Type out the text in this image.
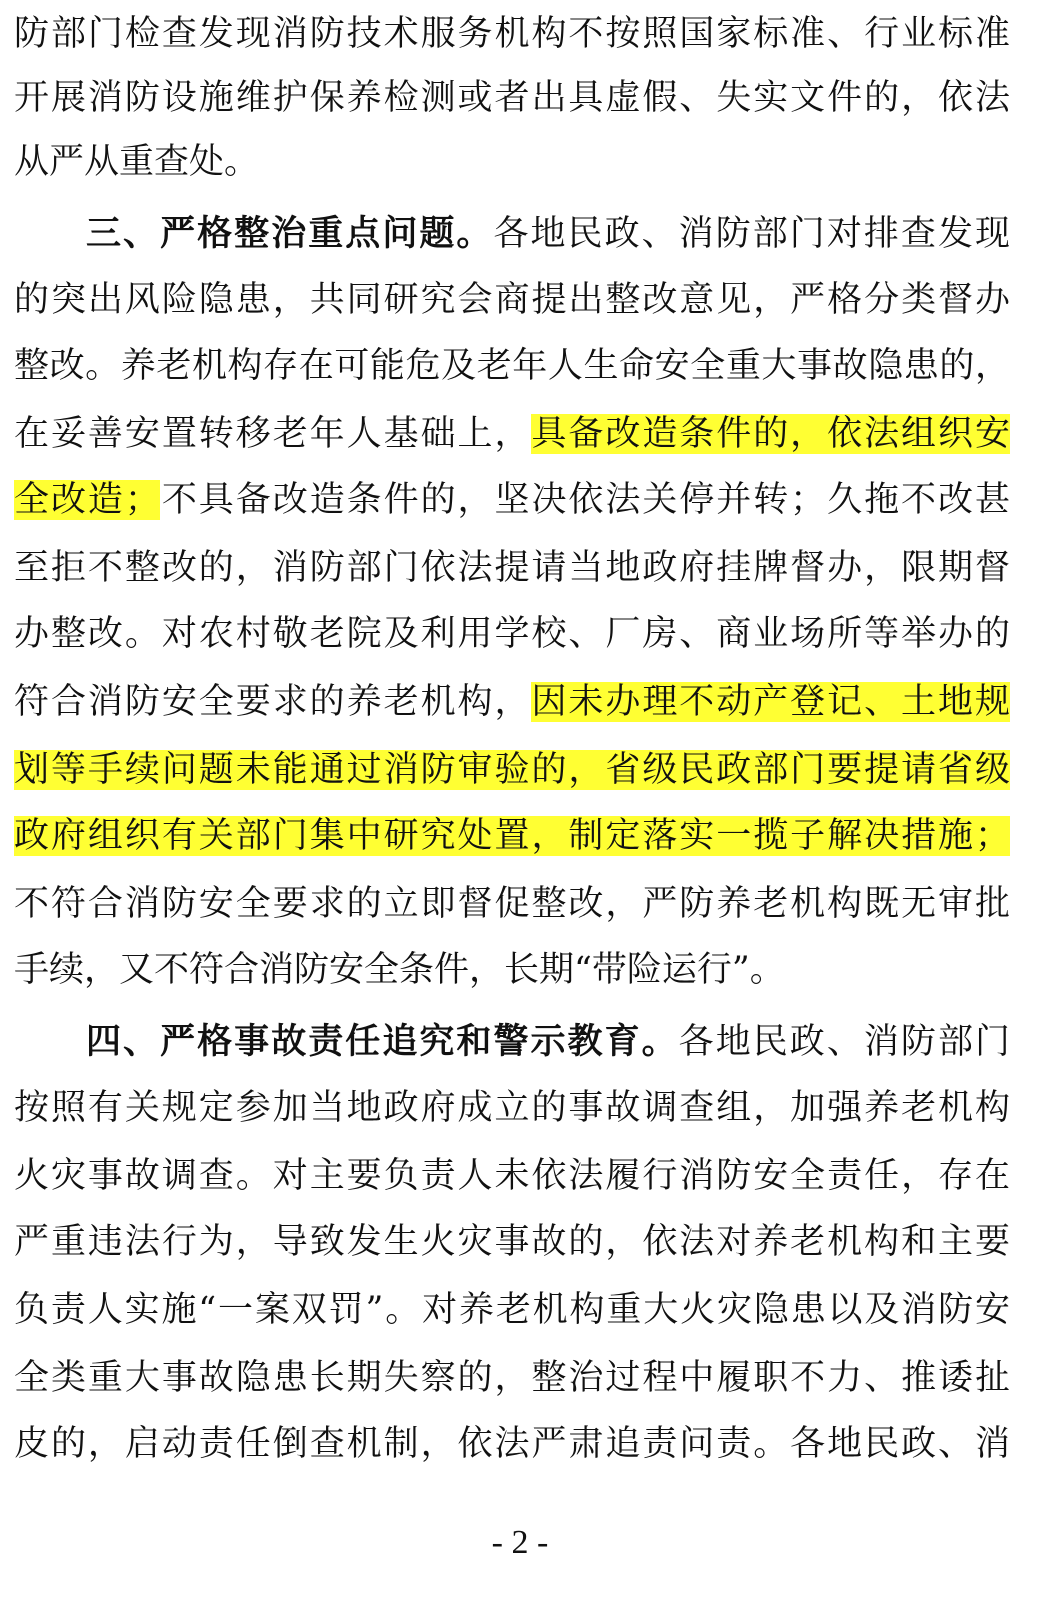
防部门检查发现消防技术服务机构不按照国家标准、行业标准
开展消防设施维护保养检测或者出具虚假、失实文件的，依法
从严从重查处。
三、严格整治重点问题。各地民政、消防部门对排查发现
的突出风险隐患，共同研究会商提出整改意见，严格分类督办
整改。养老机构存在可能危及老年人生命安全重大事故隐患的，
在妥善安置转移老年人基础上，具备改造条件的，依法组织安
全改造；不具备改造条件的，坚决依法关停并转；久拖不改甚
至拒不整改的，消防部门依法提请当地政府挂牌督办，限期督
办整改。对农村敬老院及利用学校、厂房、商业场所等举办的
符合消防安全要求的养老机构，因未办理不动产登记、土地规
划等手续问题未能通过消防审验的，省级民政部门要提请省级
政府组织有关部门集中研究处置，制定落实一揽子解决措施；
不符合消防安全要求的立即督促整改，严防养老机构既无审批
手续，又不符合消防安全条件，长期“带险运行”。
四、严格事故责任追究和警示教育。各地民政、消防部门
按照有关规定参加当地政府成立的事故调查组，加强养老机构
火灾事故调查。对主要负责人未依法履行消防安全责任，存在
严重违法行为，导致发生火灾事故的，依法对养老机构和主要
负责人实施“一案双罚”。对养老机构重大火灾隐患以及消防安
全类重大事故隐患长期失察的，整治过程中履职不力、推诿扯
皮的，启动责任倒查机制，依法严肃追责问责。各地民政、消
- 2 -
